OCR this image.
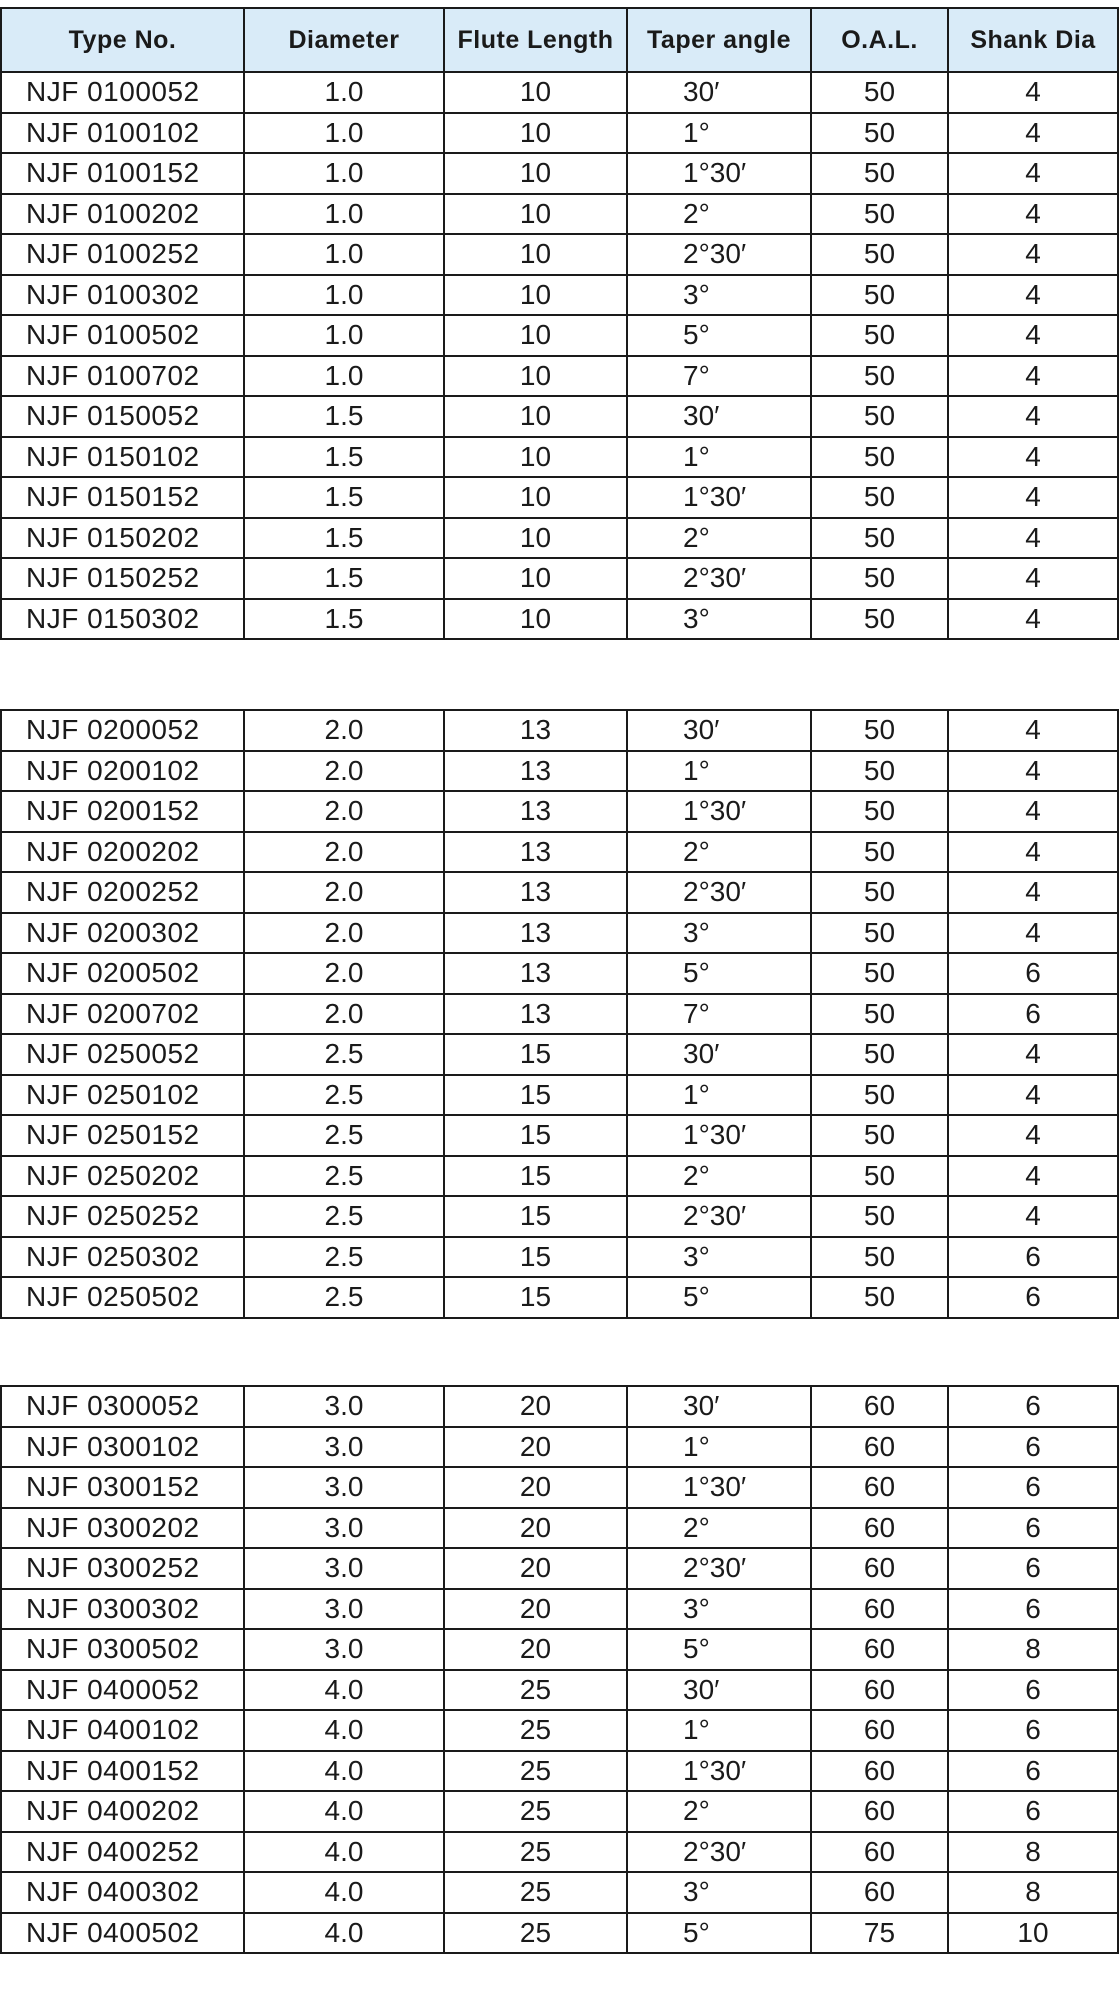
Type No.	Diameter	Flute Length	Taper angle	O.A.L.	Shank Dia
NJF 0100052	1.0	10	30′	50	4
NJF 0100102	1.0	10	1°	50	4
NJF 0100152	1.0	10	1°30′	50	4
NJF 0100202	1.0	10	2°	50	4
NJF 0100252	1.0	10	2°30′	50	4
NJF 0100302	1.0	10	3°	50	4
NJF 0100502	1.0	10	5°	50	4
NJF 0100702	1.0	10	7°	50	4
NJF 0150052	1.5	10	30′	50	4
NJF 0150102	1.5	10	1°	50	4
NJF 0150152	1.5	10	1°30′	50	4
NJF 0150202	1.5	10	2°	50	4
NJF 0150252	1.5	10	2°30′	50	4
NJF 0150302	1.5	10	3°	50	4
NJF 0200052	2.0	13	30′	50	4
NJF 0200102	2.0	13	1°	50	4
NJF 0200152	2.0	13	1°30′	50	4
NJF 0200202	2.0	13	2°	50	4
NJF 0200252	2.0	13	2°30′	50	4
NJF 0200302	2.0	13	3°	50	4
NJF 0200502	2.0	13	5°	50	6
NJF 0200702	2.0	13	7°	50	6
NJF 0250052	2.5	15	30′	50	4
NJF 0250102	2.5	15	1°	50	4
NJF 0250152	2.5	15	1°30′	50	4
NJF 0250202	2.5	15	2°	50	4
NJF 0250252	2.5	15	2°30′	50	4
NJF 0250302	2.5	15	3°	50	6
NJF 0250502	2.5	15	5°	50	6
NJF 0300052	3.0	20	30′	60	6
NJF 0300102	3.0	20	1°	60	6
NJF 0300152	3.0	20	1°30′	60	6
NJF 0300202	3.0	20	2°	60	6
NJF 0300252	3.0	20	2°30′	60	6
NJF 0300302	3.0	20	3°	60	6
NJF 0300502	3.0	20	5°	60	8
NJF 0400052	4.0	25	30′	60	6
NJF 0400102	4.0	25	1°	60	6
NJF 0400152	4.0	25	1°30′	60	6
NJF 0400202	4.0	25	2°	60	6
NJF 0400252	4.0	25	2°30′	60	8
NJF 0400302	4.0	25	3°	60	8
NJF 0400502	4.0	25	5°	75	10
